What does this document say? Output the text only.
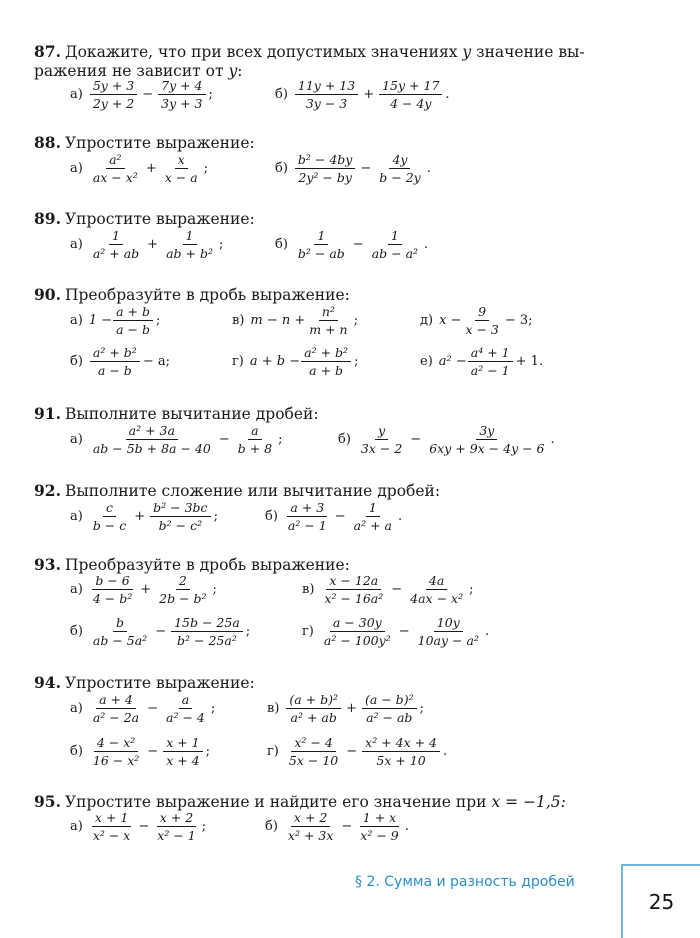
87. Докажите, что при всех допустимых значениях y значение вы-
ражения не зависит от y:
$а) \frac{5y + 3}{2y + 2} - \frac{7y + 4}{3y + 3}$ ;	$б) \frac{11y + 13}{3y - 3} + \frac{15y + 17}{4 - 4y}$ .
88. Упростите выражение:
$а) \frac{\text{a²}}{\text{ax − x²}} + \frac{x}{x - a}$ ;	$б) \frac{\text{b² − 4by}}{\text{2y² − by}} - \frac{4y}{b - 2y}$ .
89. Упростите выражение:
$а) \frac{1}{\text{a² + ab}} + \frac{1}{\text{ab + b²}}$ ;	$б) \frac{1}{\text{b² − ab}} - \frac{1}{\text{ab − a²}}$ .
90. Преобразуйте в дробь выражение:
а) $1 - \frac{a + b}{a - b}$ ;	в) $m - n + \frac{\text{n²}}{m + n}$ ;	д) $x - \frac{9}{x - 3} - 3$;
$б) \frac{\text{a² + b²}}{a - b} - a$;	г) $a + b - \frac{\text{a² + b²}}{a + b}$ ;	е) $a^2 - \frac{\text{a⁴ + 1}}{\text{a² − 1}} + 1$.
91. Выполните вычитание дробей:
$а) \frac{\text{a² + 3a}}{ab - 5b + 8a - 40} - \frac{a}{b + 8}$ ;	$б) \frac{y}{3x - 2} - \frac{3y}{6xy + 9x - 4y - 6}$ .
92. Выполните сложение или вычитание дробей:
$а) \frac{c}{b - c} + \frac{\text{b² − 3bc}}{\text{b² − c²}}$ ;	$б) \frac{a + 3}{\text{a² − 1}} - \frac{1}{\text{a² + a}}$ .
93. Преобразуйте в дробь выражение:
$а) \frac{b - 6}{\text{4 − b²}} + \frac{2}{\text{2b − b²}}$ ;	$в) \frac{x - 12a}{\text{x² − 16a²}} - \frac{4a}{\text{4ax − x²}}$ ;
$б) \frac{b}{\text{ab − 5a²}} - \frac{15b - 25a}{\text{b² − 25a²}}$ ;	$г) \frac{a - 30y}{\text{a² − 100y²}} - \frac{10y}{\text{10ay − a²}}$ .
94. Упростите выражение:
$а) \frac{a + 4}{\text{a² − 2a}} - \frac{a}{\text{a² − 4}}$ ;	$в) \frac{\text{(a + b)²}}{\text{a² + ab}} + \frac{\text{(a − b)²}}{\text{a² − ab}}$ ;
$б) \frac{\text{4 − x²}}{\text{16 − x²}} - \frac{x + 1}{x + 4}$ ;	$г) \frac{\text{x² − 4}}{5x - 10} - \frac{\text{x² + 4x + 4}}{5x + 10}$ .
95. Упростите выражение и найдите его значение при x = −1,5:
$а) \frac{x + 1}{\text{x² − x}} - \frac{x + 2}{\text{x² − 1}}$ ;	$б) \frac{x + 2}{\text{x² + 3x}} - \frac{1 + x}{\text{x² − 9}}$ .
§ 2. Сумма и разность дробей
25
